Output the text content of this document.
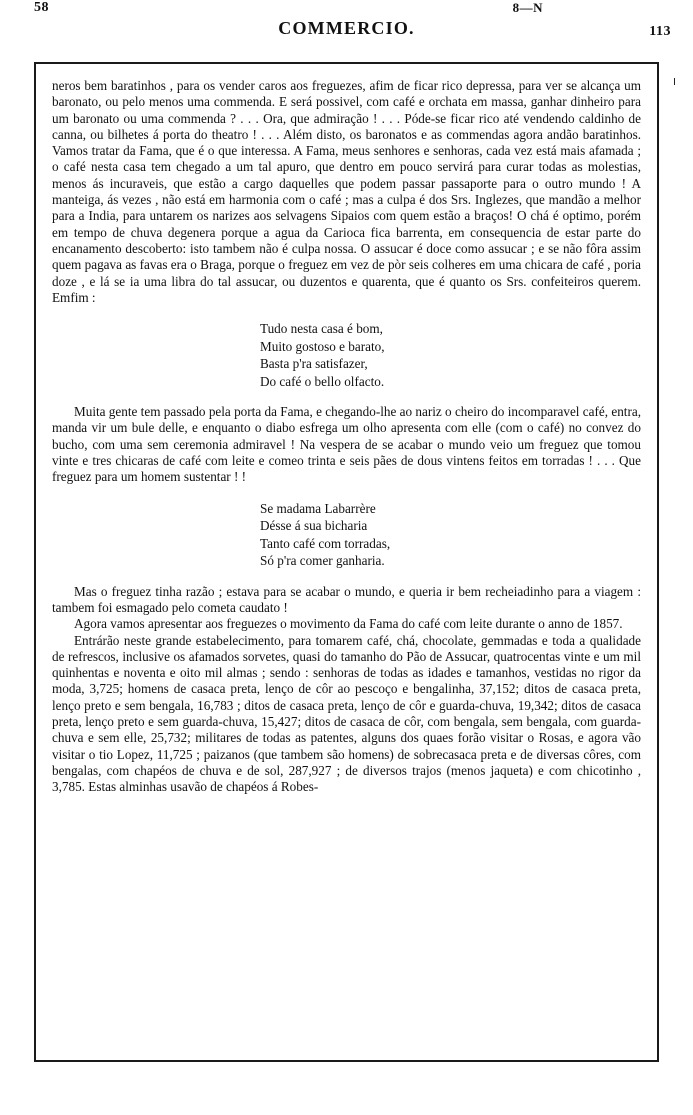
COMMERCIO.	113

neros bem baratinhos , para os vender caros aos freguezes, afim de ficar rico depressa, para ver se alcança um baronato, ou pelo menos uma commenda. E será possivel, com café e orchata em massa, ganhar dinheiro para um baronato ou uma commenda ? . . . Ora, que admiração ! . . . Póde-se ficar rico até vendendo caldinho de canna, ou bilhetes á porta do theatro ! . . . Além disto, os baronatos e as commendas agora andão baratinhos. Vamos tratar da Fama, que é o que interessa. A Fama, meus senhores e senhoras, cada vez está mais afamada ; o café nesta casa tem chegado a um tal apuro, que dentro em pouco servirá para curar todas as molestias, menos ás incuraveis, que estão a cargo daquelles que podem passar passaporte para o outro mundo ! A manteiga, ás vezes , não está em harmonia com o café ; mas a culpa é dos Srs. Inglezes, que mandão a melhor para a India, para untarem os narizes aos selvagens Sipaios com quem estão a braços! O chá é optimo, porém em tempo de chuva degenera porque a agua da Carioca fica barrenta, em consequencia de estar parte do encanamento descoberto: isto tambem não é culpa nossa. O assucar é doce como assucar ; e se não fôra assim quem pagava as favas era o Braga, porque o freguez em vez de pòr seis colheres em uma chicara de café , poria doze , e lá se ia uma libra do tal assucar, ou duzentos e quarenta, que é quanto os Srs. confeiteiros querem. Emfim :

Tudo nesta casa é bom,
Muito gostoso e barato,
Basta p'ra satisfazer,
Do café o bello olfacto.

Muita gente tem passado pela porta da Fama, e chegando-lhe ao nariz o cheiro do incomparavel café, entra, manda vir um bule delle, e enquanto o diabo esfrega um olho apresenta com elle (com o café) no convez do bucho, com uma sem ceremonia admiravel ! Na vespera de se acabar o mundo veio um freguez que tomou vinte e tres chicaras de café com leite e comeo trinta e seis pães de dous vintens feitos em torradas ! . . . Que freguez para um homem sustentar ! !

Se madama Labarrère
Désse á sua bicharia
Tanto café com torradas,
Só p'ra comer ganharia.

Mas o freguez tinha razão ; estava para se acabar o mundo, e queria ir bem recheiadinho para a viagem : tambem foi esmagado pelo cometa caudato !

Agora vamos apresentar aos freguezes o movimento da Fama do café com leite durante o anno de 1857.

Entrárão neste grande estabelecimento, para tomarem café, chá, chocolate, gemmadas e toda a qualidade de refrescos, inclusive os afamados sorvetes, quasi do tamanho do Pão de Assucar, quatrocentas vinte e um mil quinhentas e noventa e oito mil almas ; sendo : senhoras de todas as idades e tamanhos, vestidas no rigor da moda, 3,725; homens de casaca preta, lenço de côr ao pescoço e bengalinha, 37,152; ditos de casaca preta, lenço preto e sem bengala, 16,783 ; ditos de casaca preta, lenço de côr e guarda-chuva, 19,342; ditos de casaca preta, lenço preto e sem guarda-chuva, 15,427; ditos de casaca de côr, com bengala, sem bengala, com guarda-chuva e sem elle, 25,732; militares de todas as patentes, alguns dos quaes forão visitar o Rosas, e agora vão visitar o tio Lopez, 11,725 ; paizanos (que tambem são homens) de sobrecasaca preta e de diversas côres, com bengalas, com chapéos de chuva e de sol, 287,927 ; de diversos trajos (menos jaqueta) e com chicotinho , 3,785. Estas alminhas usavão de chapéos á Robes-

58	8—N
